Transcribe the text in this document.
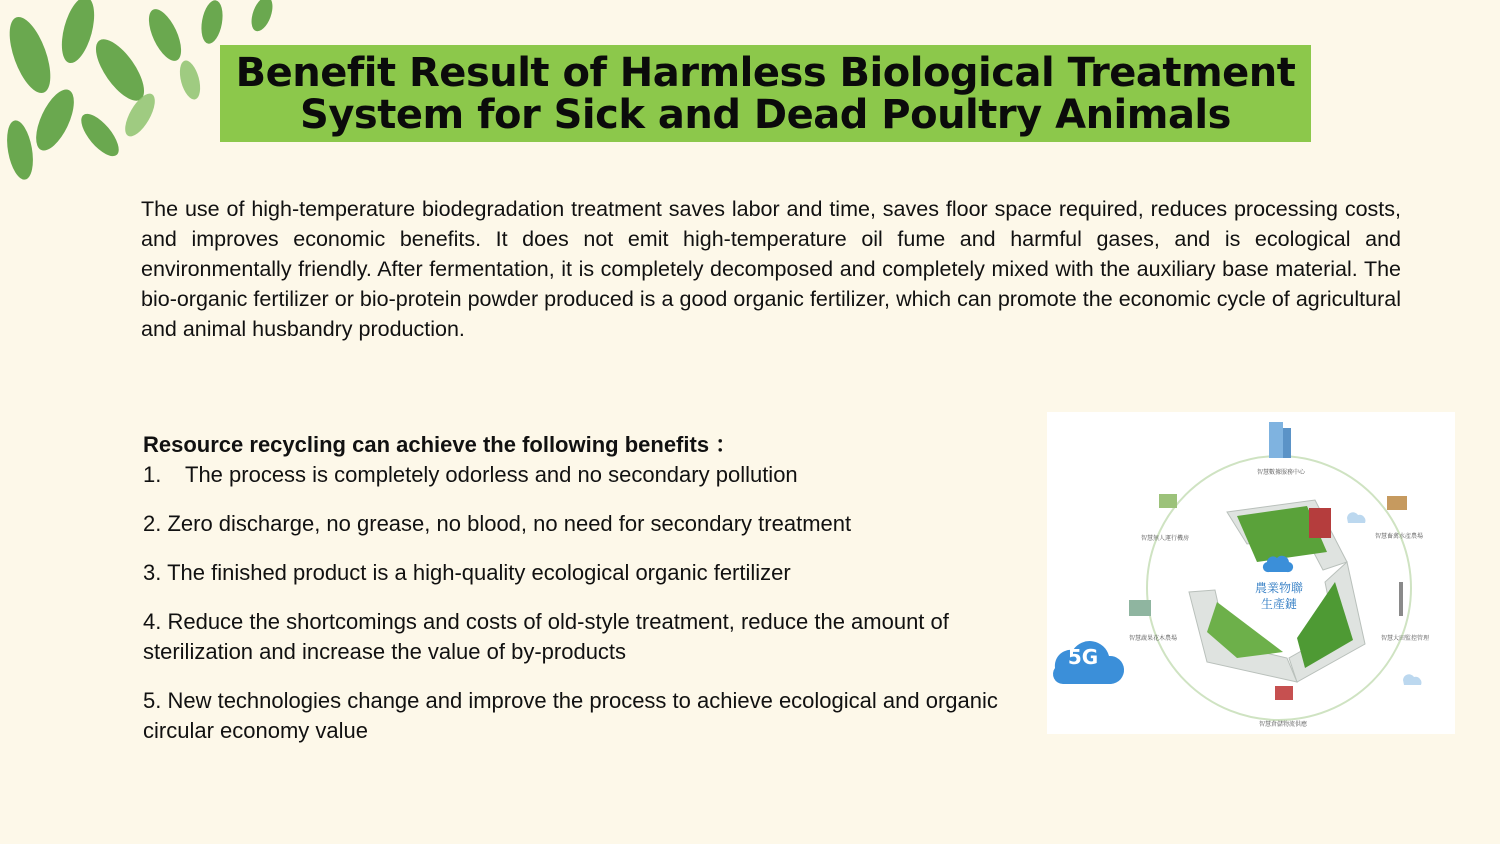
Benefit Result of Harmless Biological Treatment
System for Sick and Dead Poultry Animals

The use of high-temperature biodegradation treatment saves labor and time, saves floor space required, reduces processing costs, and improves economic benefits. It does not emit high-temperature oil fume and harmful gases, and is ecological and environmentally friendly. After fermentation, it is completely decomposed and completely mixed with the auxiliary base material. The bio-organic fertilizer or bio-protein powder produced is a good organic fertilizer, which can promote the economic cycle of agricultural and animal husbandry production.

Resource recycling can achieve the following benefits ：

1. The process is completely odorless and no secondary pollution

2. Zero discharge, no grease, no blood, no need for secondary treatment

3. The finished product is a high-quality ecological organic fertilizer

4. Reduce the shortcomings and costs of old-style treatment, reduce the amount of sterilization and increase the value of by-products

5. New technologies change and improve the process to achieve ecological and organic circular economy value

農業物聯
生產鏈
智慧數據服務中心
智慧無人運行機房	智慧畜禽水產農場
智慧蔬果花木農場	智慧大田監控管理
智慧倉儲物流供應
5G
